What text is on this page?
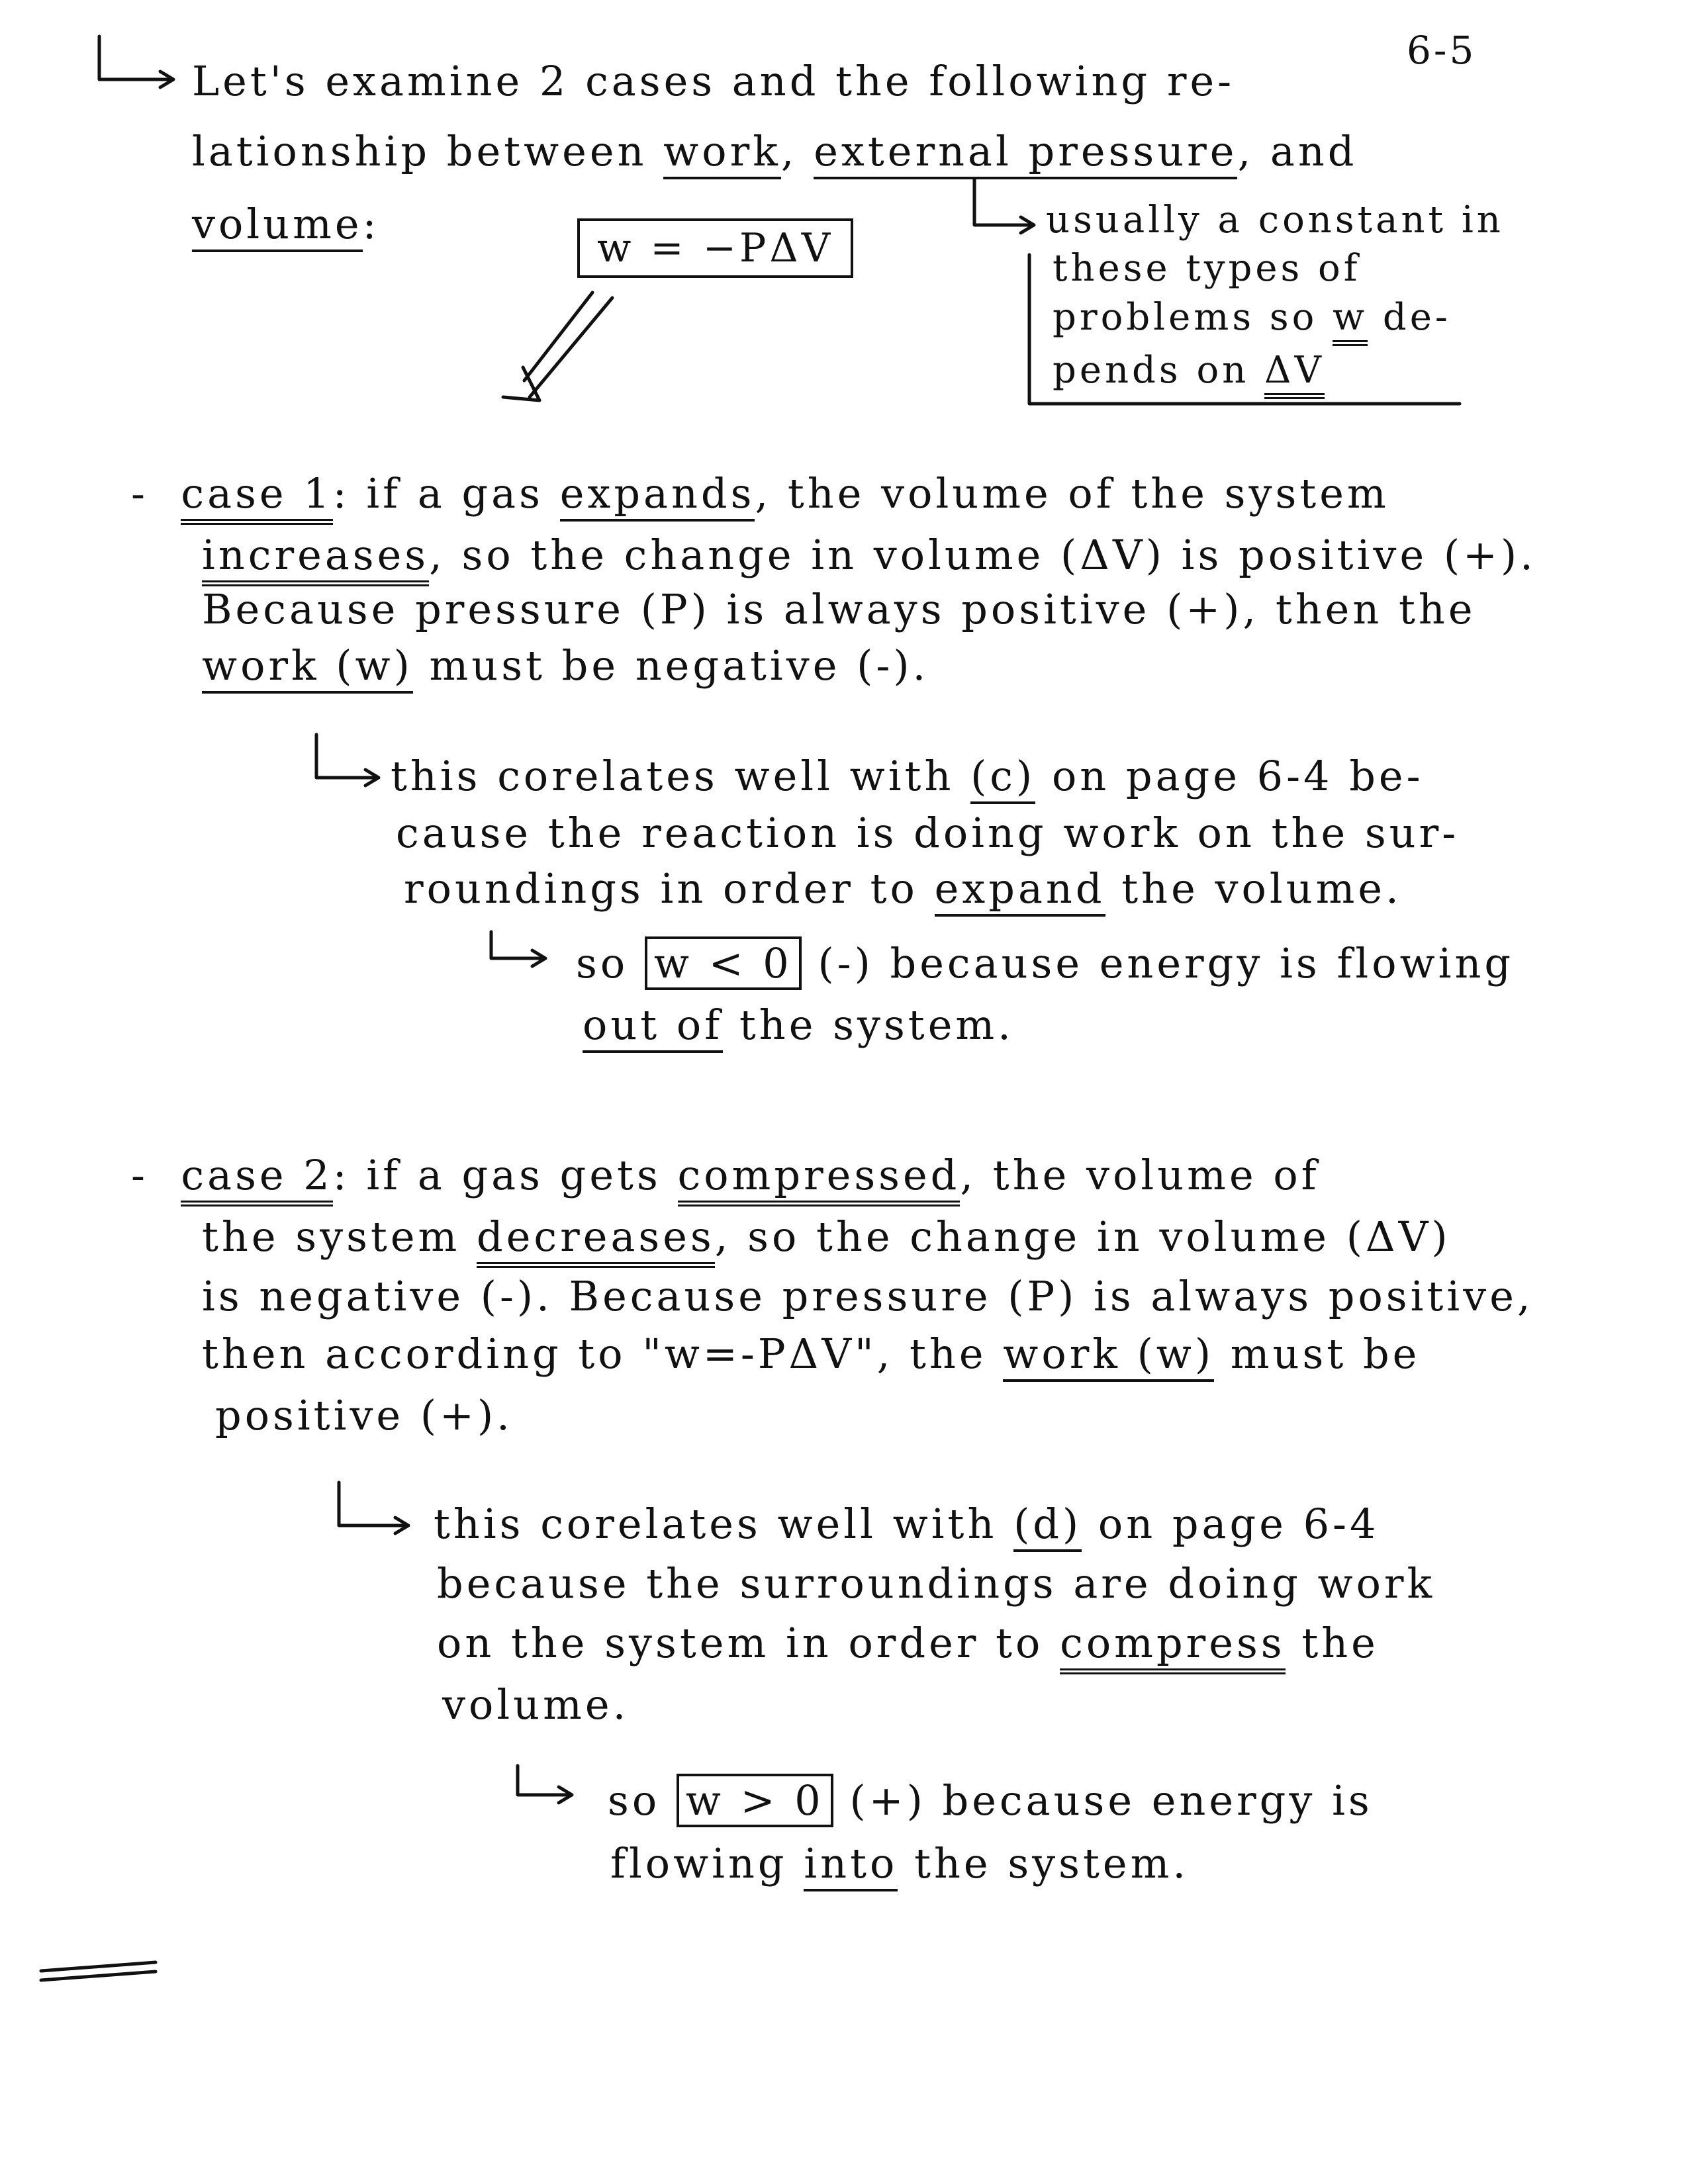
6-5
Let's examine 2 cases and the following re-
lationship between work, external pressure, and
volume:	w = −PΔV
usually a constant in
these types of
problems so w de-
pends on ΔV
- case 1: if a gas expands, the volume of the system
increases, so the change in volume (ΔV) is positive (+).
Because pressure (P) is always positive (+), then the
work (w) must be negative (-).
this corelates well with (c) on page 6-4 be-
cause the reaction is doing work on the sur-
roundings in order to expand the volume.
so w < 0 (-) because energy is flowing
out of the system.
- case 2: if a gas gets compressed, the volume of
the system decreases, so the change in volume (ΔV)
is negative (-). Because pressure (P) is always positive,
then according to "w=-PΔV", the work (w) must be
positive (+).
this corelates well with (d) on page 6-4
because the surroundings are doing work
on the system in order to compress the
volume.
so w > 0 (+) because energy is
flowing into the system.
